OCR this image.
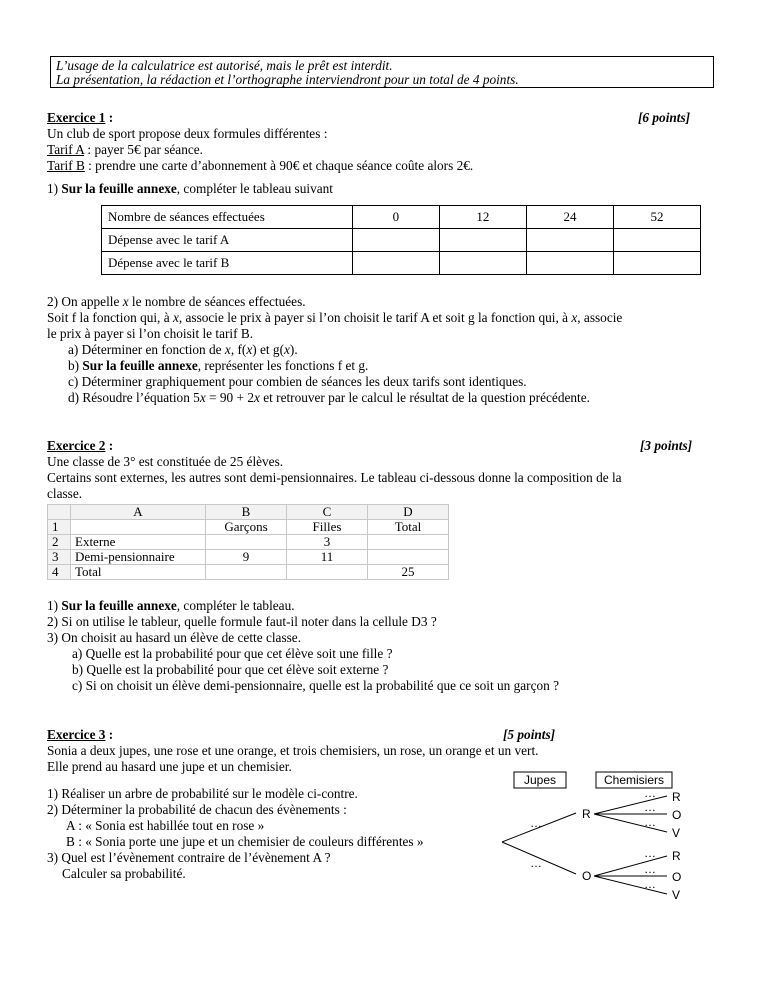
L’usage de la calculatrice est autorisé, mais le prêt est interdit.
La présentation, la rédaction et l’orthographe interviendront pour un total de 4 points.
Exercice 1 :	[6 points]
Un club de sport propose deux formules différentes :
Tarif A : payer 5€ par séance.
Tarif B : prendre une carte d’abonnement à 90€ et chaque séance coûte alors 2€.
1) Sur la feuille annexe, compléter le tableau suivant
Nombre de séances effectuées	0	12	24	52
Dépense avec le tarif A				
Dépense avec le tarif B				
2) On appelle x le nombre de séances effectuées.
Soit f la fonction qui, à x, associe le prix à payer si l’on choisit le tarif A et soit g la fonction qui, à x, associe
le prix à payer si l’on choisit le tarif B.
a) Déterminer en fonction de x, f(x) et g(x).
b) Sur la feuille annexe, représenter les fonctions f et g.
c) Déterminer graphiquement pour combien de séances les deux tarifs sont identiques.
d) Résoudre l’équation 5x = 90 + 2x et retrouver par le calcul le résultat de la question précédente.
Exercice 2 :	[3 points]
Une classe de 3° est constituée de 25 élèves.
Certains sont externes, les autres sont demi-pensionnaires. Le tableau ci-dessous donne la composition de la
classe.
	A	B	C	D
1		Garçons	Filles	Total
2	Externe		3	
3	Demi-pensionnaire	9	11	
4	Total			25
1) Sur la feuille annexe, compléter le tableau.
2) Si on utilise le tableur, quelle formule faut-il noter dans la cellule D3 ?
3) On choisit au hasard un élève de cette classe.
a) Quelle est la probabilité pour que cet élève soit une fille ?
b) Quelle est la probabilité pour que cet élève soit externe ?
c) Si on choisit un élève demi-pensionnaire, quelle est la probabilité que ce soit un garçon ?
Exercice 3 :	[5 points]
Sonia a deux jupes, une rose et une orange, et trois chemisiers, un rose, un orange et un vert.
Elle prend au hasard une jupe et un chemisier.
1) Réaliser un arbre de probabilité sur le modèle ci-contre.
2) Déterminer la probabilité de chacun des évènements :
A : « Sonia est habillée tout en rose »
B : « Sonia porte une jupe et un chemisier de couleurs différentes »
3) Quel est l’évènement contraire de l’évènement A ?
Calculer sa probabilité.
Jupes	Chemisiers
…
…
R
O
…
…
…
R
O
V
…
…
…
R
O
V
